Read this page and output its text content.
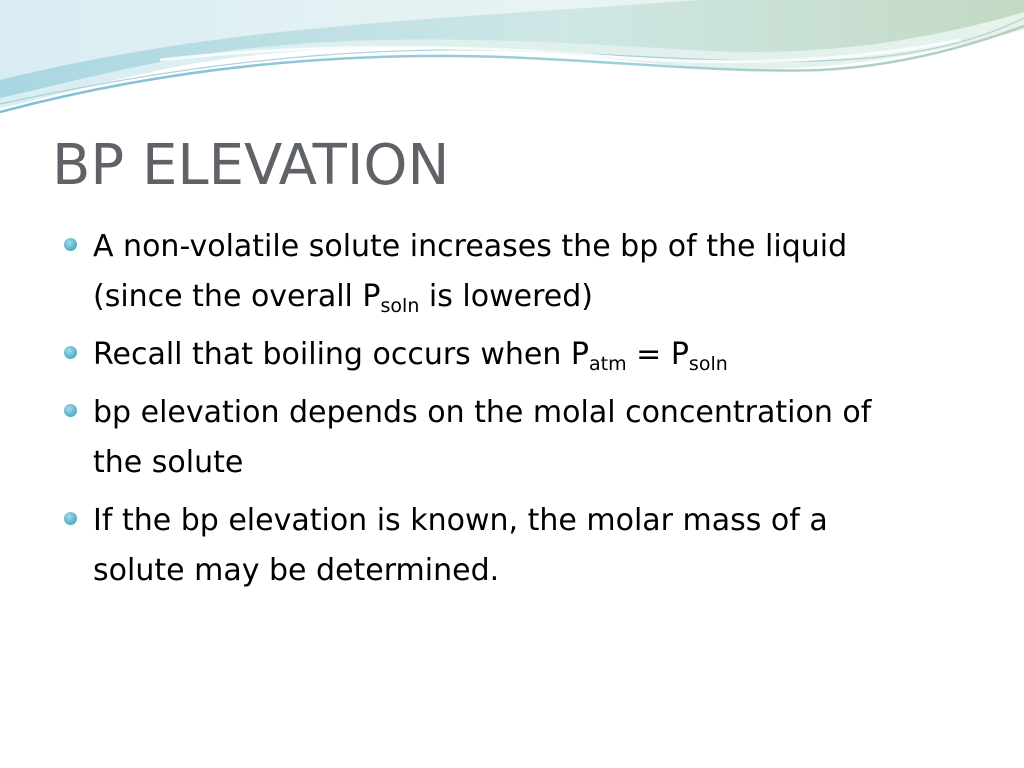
BP ELEVATION
A non-volatile solute increases the bp of the liquid
(since the overall $P_{soln}$ is lowered)
Recall that boiling occurs when $P_{atm} = P_{soln}$
bp elevation depends on the molal concentration of
the solute
If the bp elevation is known, the molar mass of a
solute may be determined.
